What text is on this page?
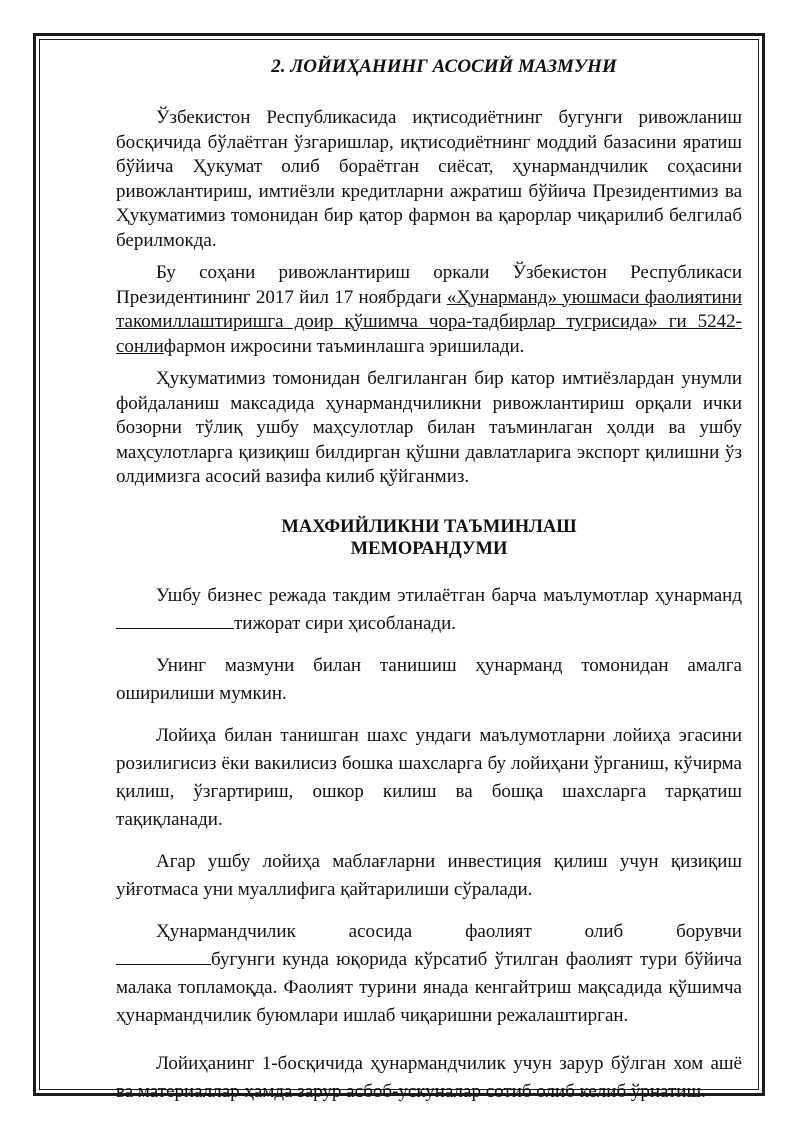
2. ЛОЙИҲАНИНГ АСОСИЙ МАЗМУНИ

Ўзбекистон Республикасида иқтисодиётнинг бугунги ривожланиш босқичида бўлаётган ўзгаришлар, иқтисодиётнинг моддий базасини яратиш бўйича Ҳукумат олиб бораётган сиёсат, ҳунармандчилик соҳасини ривожлантириш, имтиёзли кредитларни ажратиш бўйича Президентимиз ва Ҳукуматимиз томонидан бир қатор фармон ва қарорлар чиқарилиб белгилаб берилмокда.

Бу соҳани ривожлантириш оркали Ўзбекистон Республикаси Президентининг 2017 йил 17 ноябрдаги «Ҳунарманд» уюшмаси фаолиятини такомиллаштиришга доир қўшимча чора-тадбирлар тугрисида» ги 5242- сонлифармон ижросини таъминлашга эришилади.

Ҳукуматимиз томонидан белгиланган бир катор имтиёзлардан унумли фойдаланиш максадида ҳунармандчиликни ривожлантириш орқали ички бозорни тўлиқ ушбу маҳсулотлар билан таъминлаган ҳолди ва ушбу маҳсулотларга қизиқиш билдирган қўшни давлатларига экспорт қилишни ўз олдимизга асосий вазифа килиб қўйганмиз.

МАХФИЙЛИКНИ ТАЪМИНЛАШ
МЕМОРАНДУМИ

Ушбу бизнес режада такдим этилаётган барча маълумотлар ҳунарманд тижорат сири ҳисобланади.

Унинг мазмуни билан танишиш ҳунарманд томонидан амалга оширилиши мумкин.

Лойиҳа билан танишган шахс ундаги маълумотларни лойиҳа эгасини розилигисиз ёки вакилисиз бошка шахсларга бу лойиҳани ўрганиш, кўчирма қилиш, ўзгартириш, ошкор килиш ва бошқа шахсларга тарқатиш тақиқланади.

Агар ушбу лойиҳа маблағларни инвестиция қилиш учун қизиқиш уйғотмаса уни муаллифига қайтарилиши сўралади.

Ҳунармандчилик	асосида	фаолият	олиб	борувчи

бугунги кунда юқорида кўрсатиб ўтилган фаолият тури бўйича малака топламоқда. Фаолият турини янада кенгайтриш мақсадида қўшимча ҳунармандчилик буюмлари ишлаб чиқаришни режалаштирган.

Лойиҳанинг 1-босқичида ҳунармандчилик учун зарур бўлган хом ашё ва материаллар ҳамда зарур асбоб-ускуналар сотиб олиб келиб ўрнатиш.
